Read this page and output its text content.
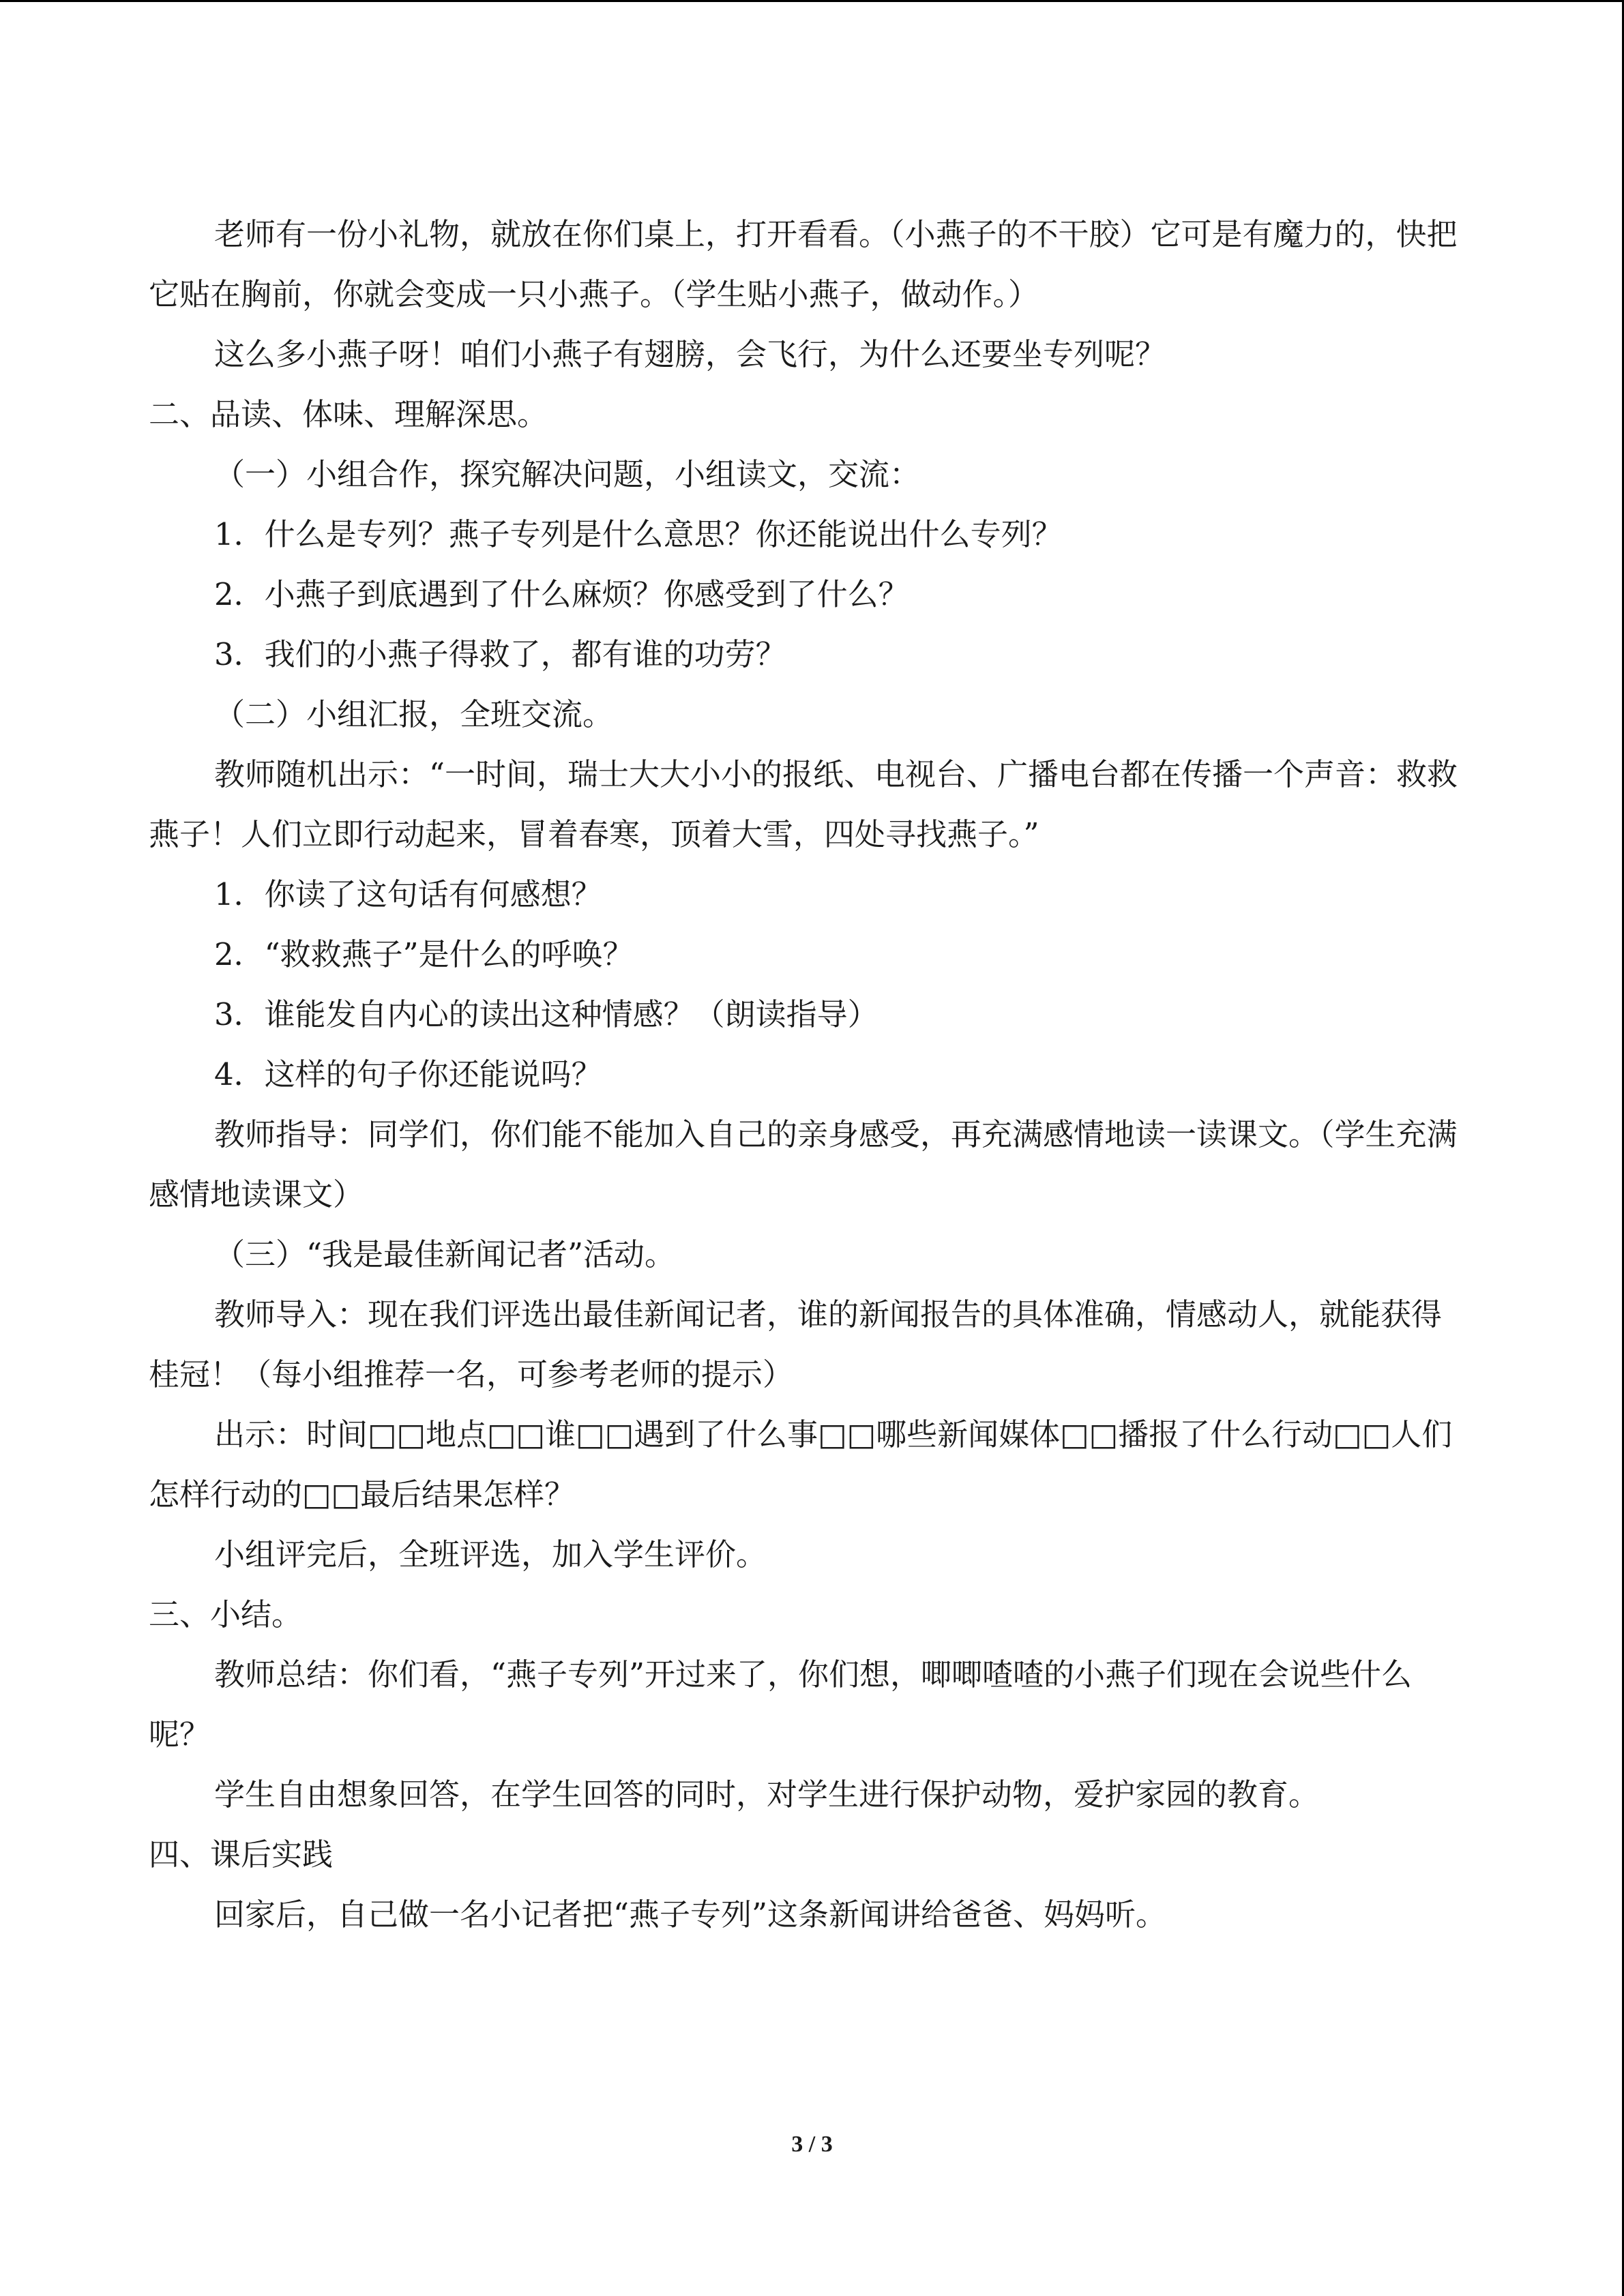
老师有一份小礼物，就放在你们桌上，打开看看。（小燕子的不干胶）它可是有魔力的，快把它贴在胸前，你就会变成一只小燕子。（学生贴小燕子，做动作。）

这么多小燕子呀！咱们小燕子有翅膀，会飞行，为什么还要坐专列呢？

二、品读、体味、理解深思。

（一）小组合作，探究解决问题，小组读文，交流：

1．什么是专列？燕子专列是什么意思？你还能说出什么专列？

2．小燕子到底遇到了什么麻烦？你感受到了什么？

3．我们的小燕子得救了，都有谁的功劳？

（二）小组汇报，全班交流。

教师随机出示：“一时间，瑞士大大小小的报纸、电视台、广播电台都在传播一个声音：救救燕子！人们立即行动起来，冒着春寒，顶着大雪，四处寻找燕子。”

1．你读了这句话有何感想？

2．“救救燕子”是什么的呼唤？

3．谁能发自内心的读出这种情感？（朗读指导）

4．这样的句子你还能说吗？

教师指导：同学们，你们能不能加入自己的亲身感受，再充满感情地读一读课文。（学生充满感情地读课文）

（三）“我是最佳新闻记者”活动。

教师导入：现在我们评选出最佳新闻记者，谁的新闻报告的具体准确，情感动人，就能获得桂冠！（每小组推荐一名，可参考老师的提示）

出示：时间□□地点□□谁□□遇到了什么事□□哪些新闻媒体□□播报了什么行动□□人们怎样行动的□□最后结果怎样？

小组评完后，全班评选，加入学生评价。

三、小结。

教师总结：你们看，“燕子专列”开过来了，你们想，唧唧喳喳的小燕子们现在会说些什么呢？

学生自由想象回答，在学生回答的同时，对学生进行保护动物，爱护家园的教育。

四、课后实践

回家后，自己做一名小记者把“燕子专列”这条新闻讲给爸爸、妈妈听。

3 / 3
